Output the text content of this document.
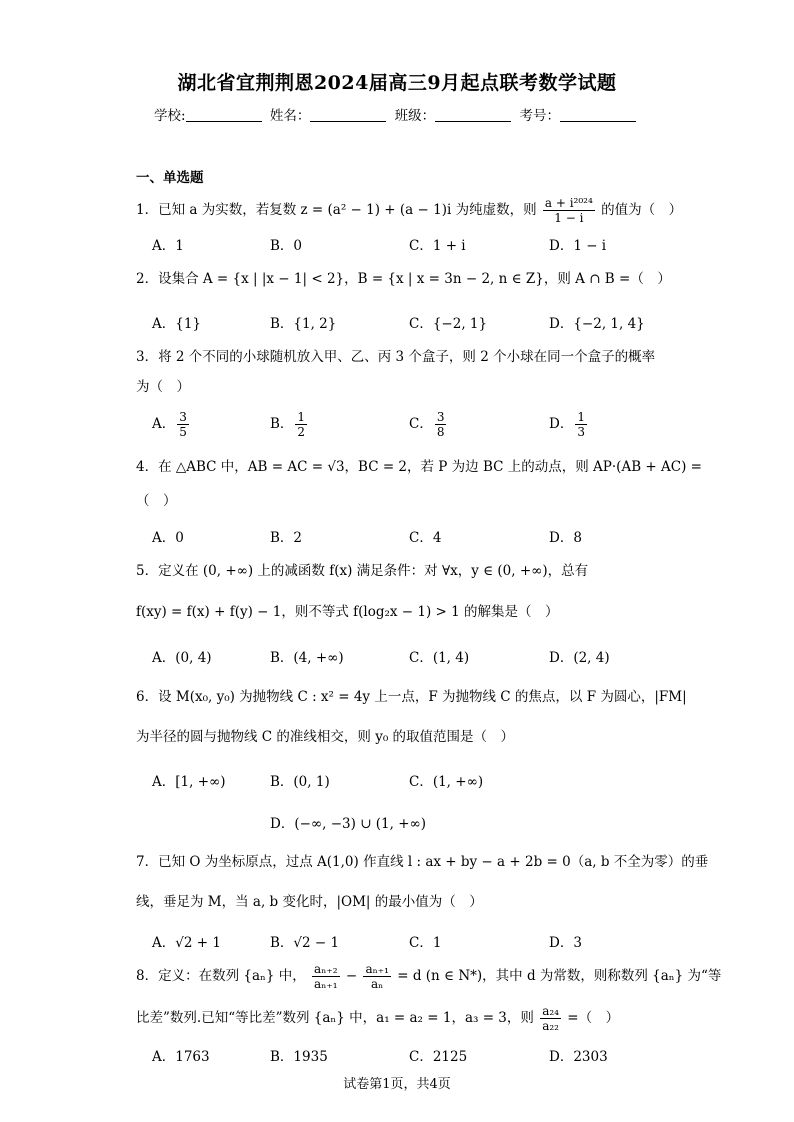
湖北省宜荆荆恩2024届高三9月起点联考数学试题
学校:	姓名：	班级：	考号：
一、单选题
1．已知 a 为实数，若复数 z = (a² − 1) + (a − 1)i 为纯虚数，则 $\frac{\text{a + i²⁰²⁴}}{1 - i}$ 的值为（　）
A．1	B．0	C．1 + i	D．1 − i
2．设集合 A = {x | |x − 1| < 2}，B = {x | x = 3n − 2, n ∈ Z}，则 A ∩ B =（　）
A．{1}	B．{1, 2}	C．{−2, 1}	D．{−2, 1, 4}
3．将 2 个不同的小球随机放入甲、乙、丙 3 个盒子，则 2 个小球在同一个盒子的概率
为（　）
A． $\frac{3}{5}$	B． $\frac{1}{2}$	C． $\frac{3}{8}$	D． $\frac{1}{3}$
4．在 △ABC 中，AB = AC = √3，BC = 2，若 P 为边 BC 上的动点，则 AP·(AB + AC) =
（　）
A．0	B．2	C．4	D．8
5．定义在 (0, +∞) 上的减函数 f(x) 满足条件：对 ∀x，y ∈ (0, +∞)，总有
f(xy) = f(x) + f(y) − 1，则不等式 f(log₂x − 1) > 1 的解集是（　）
A．(0, 4)	B．(4, +∞)	C．(1, 4)	D．(2, 4)
6．设 M(x₀, y₀) 为抛物线 C : x² = 4y 上一点，F 为抛物线 C 的焦点，以 F 为圆心，|FM|
为半径的圆与抛物线 C 的准线相交，则 y₀ 的取值范围是（　）
A．[1, +∞)	B．(0, 1)	C．(1, +∞)
D．(−∞, −3) ∪ (1, +∞)
7．已知 O 为坐标原点，过点 A(1,0) 作直线 l : ax + by − a + 2b = 0（a, b 不全为零）的垂
线，垂足为 M，当 a, b 变化时，|OM| 的最小值为（　）
A．√2 + 1	B．√2 − 1	C．1	D．3
8．定义：在数列 {aₙ} 中， $\frac{\text{aₙ₊₂}}{\text{aₙ₊₁}} - \frac{\text{aₙ₊₁}}{\text{aₙ}} = d$ (n ∈ N*)，其中 d 为常数，则称数列 {aₙ} 为“等
比差”数列.已知“等比差”数列 {aₙ} 中，a₁ = a₂ = 1，a₃ = 3，则 $\frac{\text{a₂₄}}{\text{a₂₂}}$ =（　）
A．1763	B．1935	C．2125	D．2303
试卷第1页，共4页
